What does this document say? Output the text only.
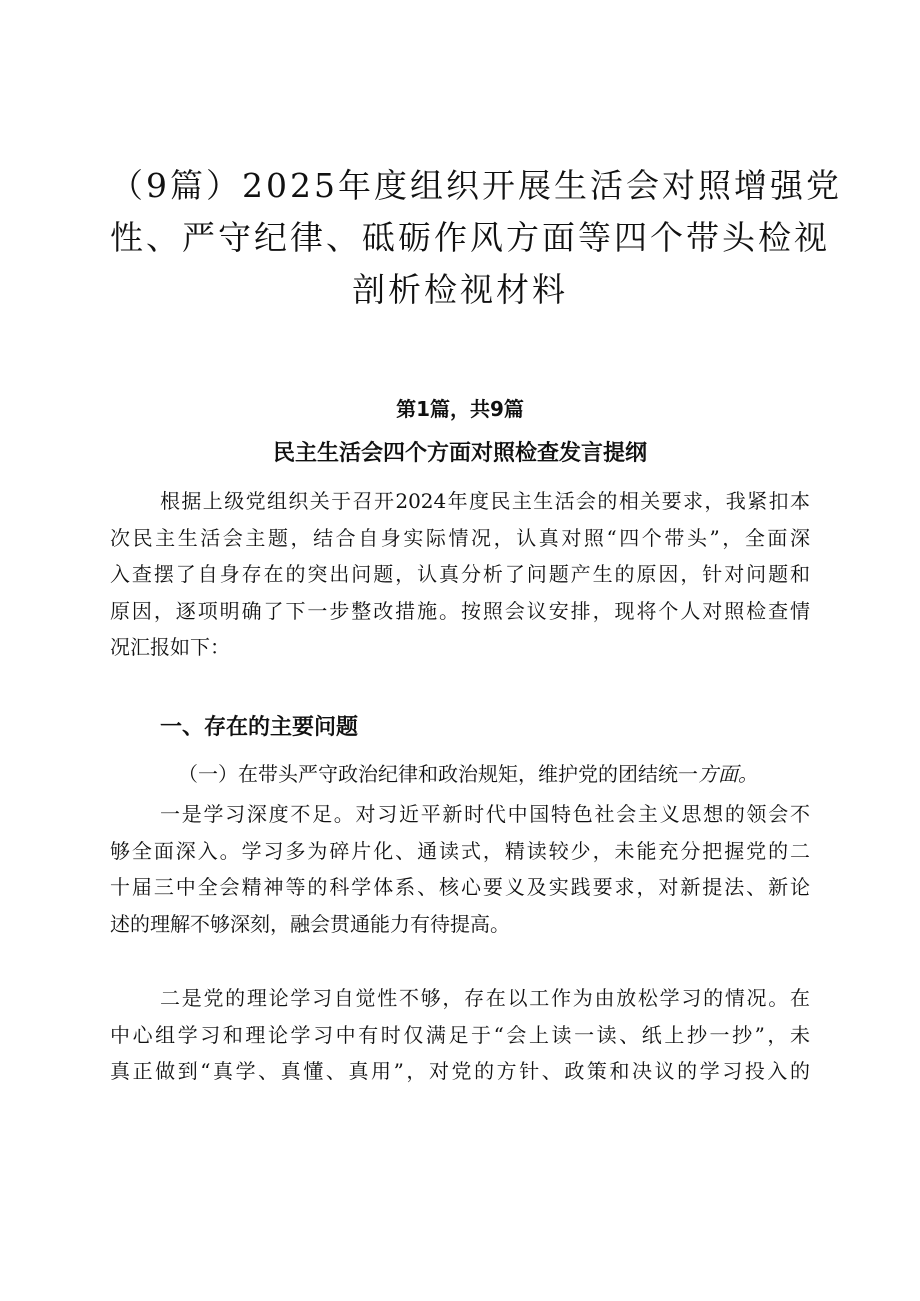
（9篇）2025年度组织开展生活会对照增强党
性、严守纪律、砥砺作风方面等四个带头检视
剖析检视材料

第1篇，共9篇

民主生活会四个方面对照检查发言提纲

根据上级党组织关于召开2024年度民主生活会的相关要求，我紧扣本
次民主生活会主题，结合自身实际情况，认真对照“四个带头”，全面深
入查摆了自身存在的突出问题，认真分析了问题产生的原因，针对问题和
原因，逐项明确了下一步整改措施。按照会议安排，现将个人对照检查情
况汇报如下：
一、存在的主要问题

（一）在带头严守政治纪律和政治规矩，维护党的团结统一方面。

一是学习深度不足。对习近平新时代中国特色社会主义思想的领会不
够全面深入。学习多为碎片化、通读式，精读较少，未能充分把握党的二
十届三中全会精神等的科学体系、核心要义及实践要求，对新提法、新论
述的理解不够深刻，融会贯通能力有待提高。
二是党的理论学习自觉性不够，存在以工作为由放松学习的情况。在
中心组学习和理论学习中有时仅满足于“会上读一读、纸上抄一抄”，未
真正做到“真学、真懂、真用”，对党的方针、政策和决议的学习投入的
